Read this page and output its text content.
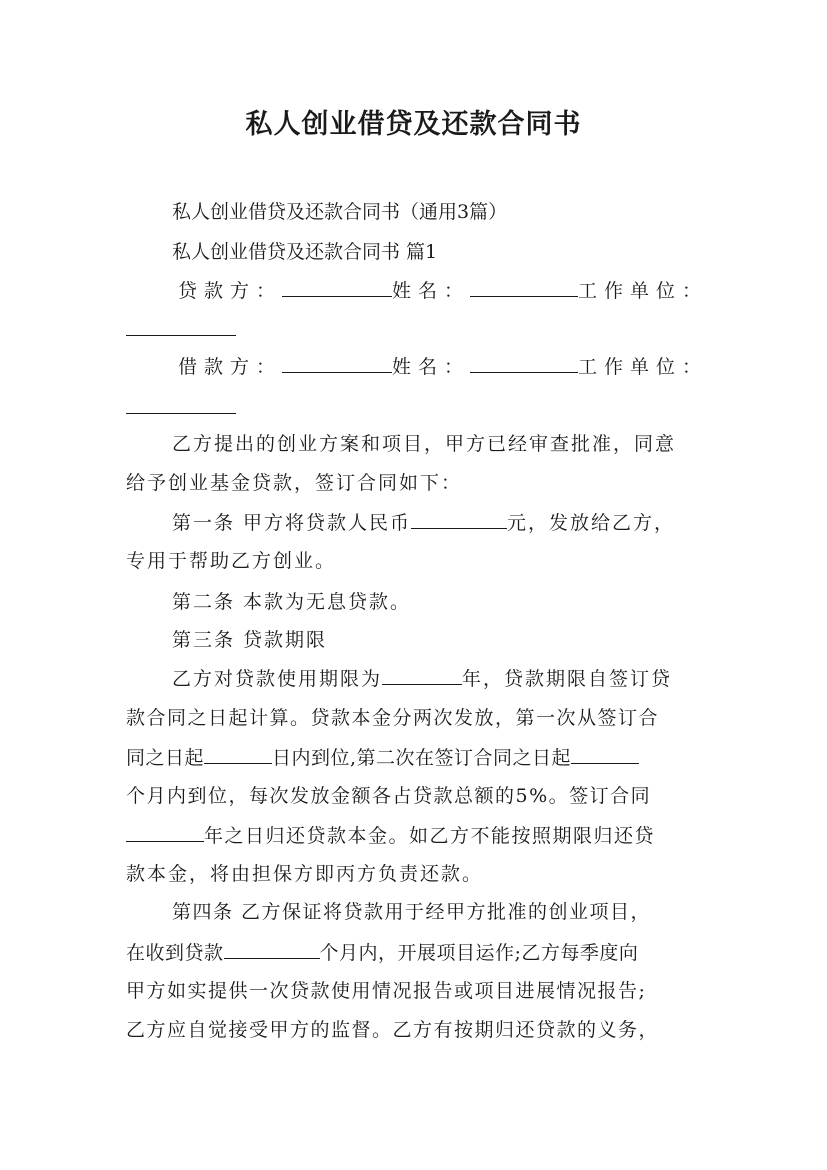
私人创业借贷及还款合同书
私人创业借贷及还款合同书（通用3篇）
私人创业借贷及还款合同书 篇1
贷款方：	姓名：	工作单位：
借款方：	姓名：	工作单位：
乙方提出的创业方案和项目，甲方已经审查批准，同意
给予创业基金贷款，签订合同如下：
第一条 甲方将贷款人民币	元，发放给乙方，
专用于帮助乙方创业。
第二条 本款为无息贷款。
第三条 贷款期限
乙方对贷款使用期限为	年，贷款期限自签订贷
款合同之日起计算。贷款本金分两次发放，第一次从签订合
同之日起	日内到位,第二次在签订合同之日起
个月内到位，每次发放金额各占贷款总额的5%。签订合同
年之日归还贷款本金。如乙方不能按照期限归还贷
款本金，将由担保方即丙方负责还款。
第四条 乙方保证将贷款用于经甲方批准的创业项目，
在收到贷款	个月内，开展项目运作;乙方每季度向
甲方如实提供一次贷款使用情况报告或项目进展情况报告;
乙方应自觉接受甲方的监督。乙方有按期归还贷款的义务，
